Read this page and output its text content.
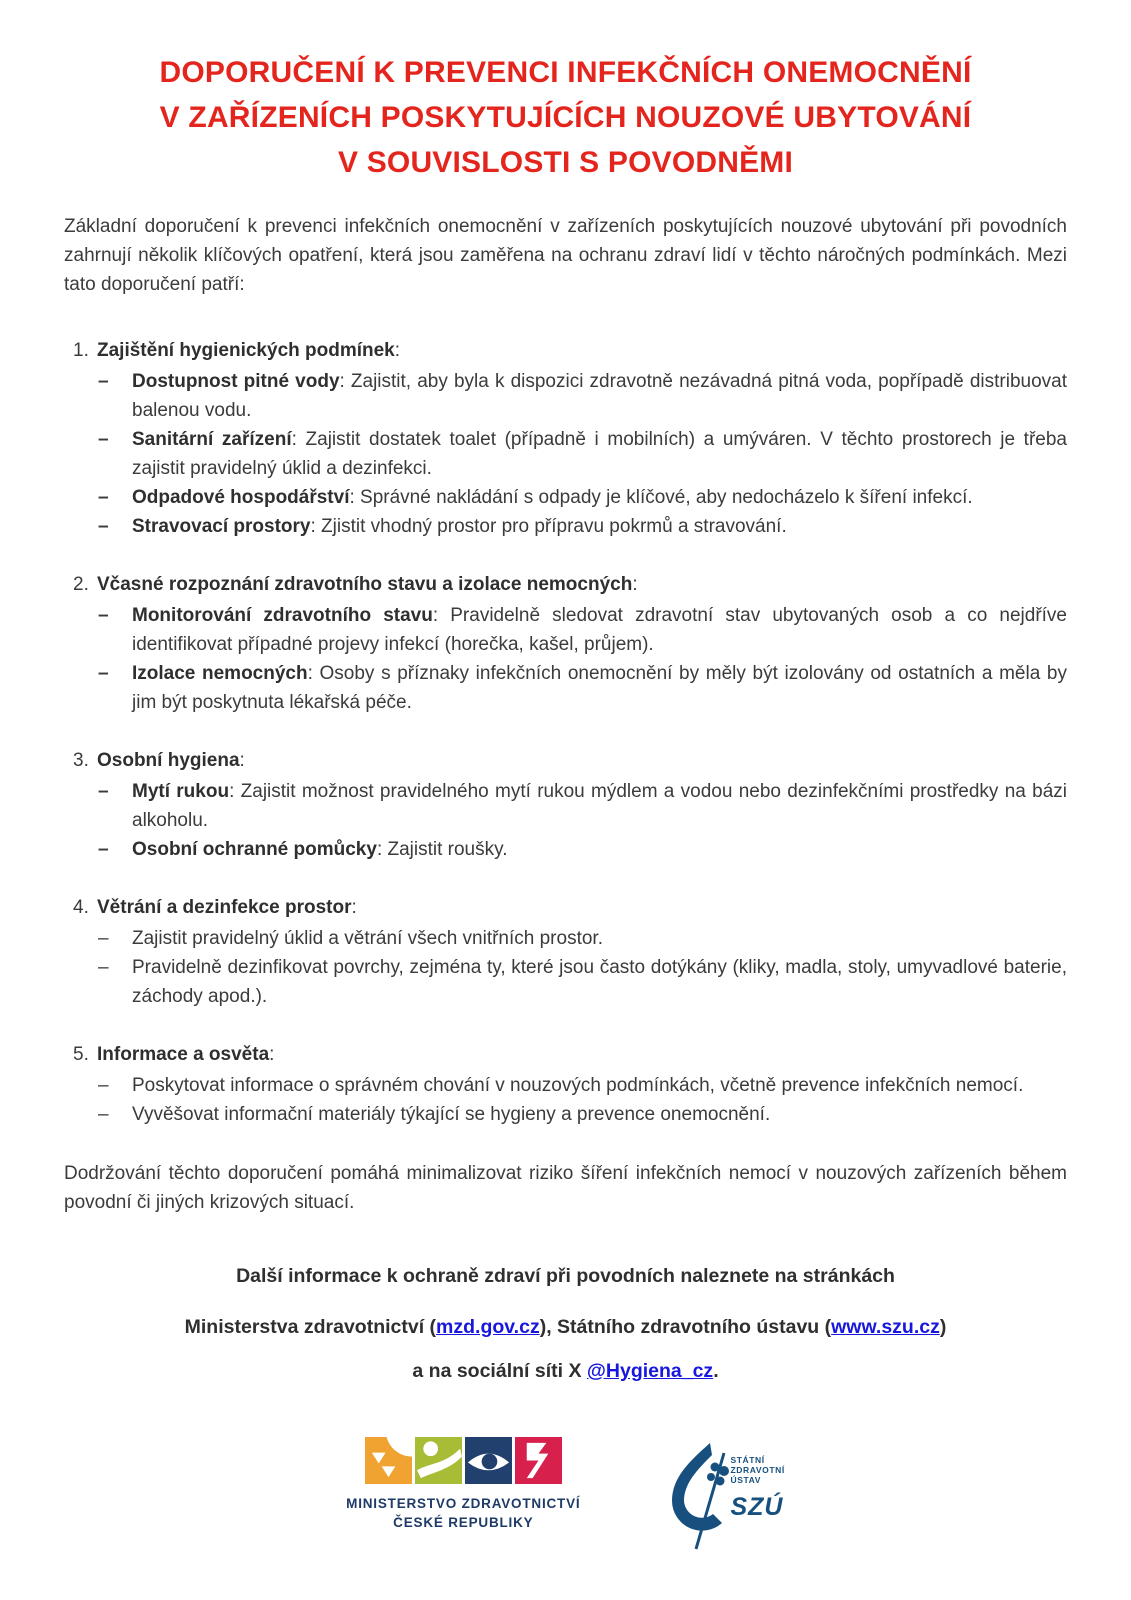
DOPORUČENÍ K PREVENCI INFEKČNÍCH ONEMOCNĚNÍ
V ZAŘÍZENÍCH POSKYTUJÍCÍCH NOUZOVÉ UBYTOVÁNÍ
V SOUVISLOSTI S POVODNĚMI

Základní doporučení k prevenci infekčních onemocnění v zařízeních poskytujících nouzové ubytování při povodních zahrnují několik klíčových opatření, která jsou zaměřena na ochranu zdraví lidí v těchto náročných podmínkách. Mezi tato doporučení patří:

1. Zajištění hygienických podmínek:
–	Dostupnost pitné vody: Zajistit, aby byla k dispozici zdravotně nezávadná pitná voda, popřípadě distribuovat balenou vodu.

–	Sanitární zařízení: Zajistit dostatek toalet (případně i mobilních) a umýváren. V těchto prostorech je třeba zajistit pravidelný úklid a dezinfekci.

–	Odpadové hospodářství: Správné nakládání s odpady je klíčové, aby nedocházelo k šíření infekcí.

–	Stravovací prostory: Zjistit vhodný prostor pro přípravu pokrmů a stravování.

2. Včasné rozpoznání zdravotního stavu a izolace nemocných:
–	Monitorování zdravotního stavu: Pravidelně sledovat zdravotní stav ubytovaných osob a co nejdříve identifikovat případné projevy infekcí (horečka, kašel, průjem).

–	Izolace nemocných: Osoby s příznaky infekčních onemocnění by měly být izolovány od ostatních a měla by jim být poskytnuta lékařská péče.

3. Osobní hygiena:
–	Mytí rukou: Zajistit možnost pravidelného mytí rukou mýdlem a vodou nebo dezinfekčními prostředky na bázi alkoholu.

–	Osobní ochranné pomůcky: Zajistit roušky.

4. Větrání a dezinfekce prostor:
–	Zajistit pravidelný úklid a větrání všech vnitřních prostor.

–	Pravidelně dezinfikovat povrchy, zejména ty, které jsou často dotýkány (kliky, madla, stoly, umyvadlové baterie, záchody apod.).

5. Informace a osvěta:
–	Poskytovat informace o správném chování v nouzových podmínkách, včetně prevence infekčních nemocí.

–	Vyvěšovat informační materiály týkající se hygieny a prevence onemocnění.

Dodržování těchto doporučení pomáhá minimalizovat riziko šíření infekčních nemocí v nouzových zařízeních během povodní či jiných krizových situací.

Další informace k ochraně zdraví při povodních naleznete na stránkách
Ministerstva zdravotnictví (mzd.gov.cz), Státního zdravotního ústavu (www.szu.cz)
a na sociální síti X @Hygiena_cz.
MINISTERSTVO ZDRAVOTNICTVÍ
ČESKÉ REPUBLIKY
STÁTNÍ
ZDRAVOTNÍ
ÚSTAV
SZÚ
